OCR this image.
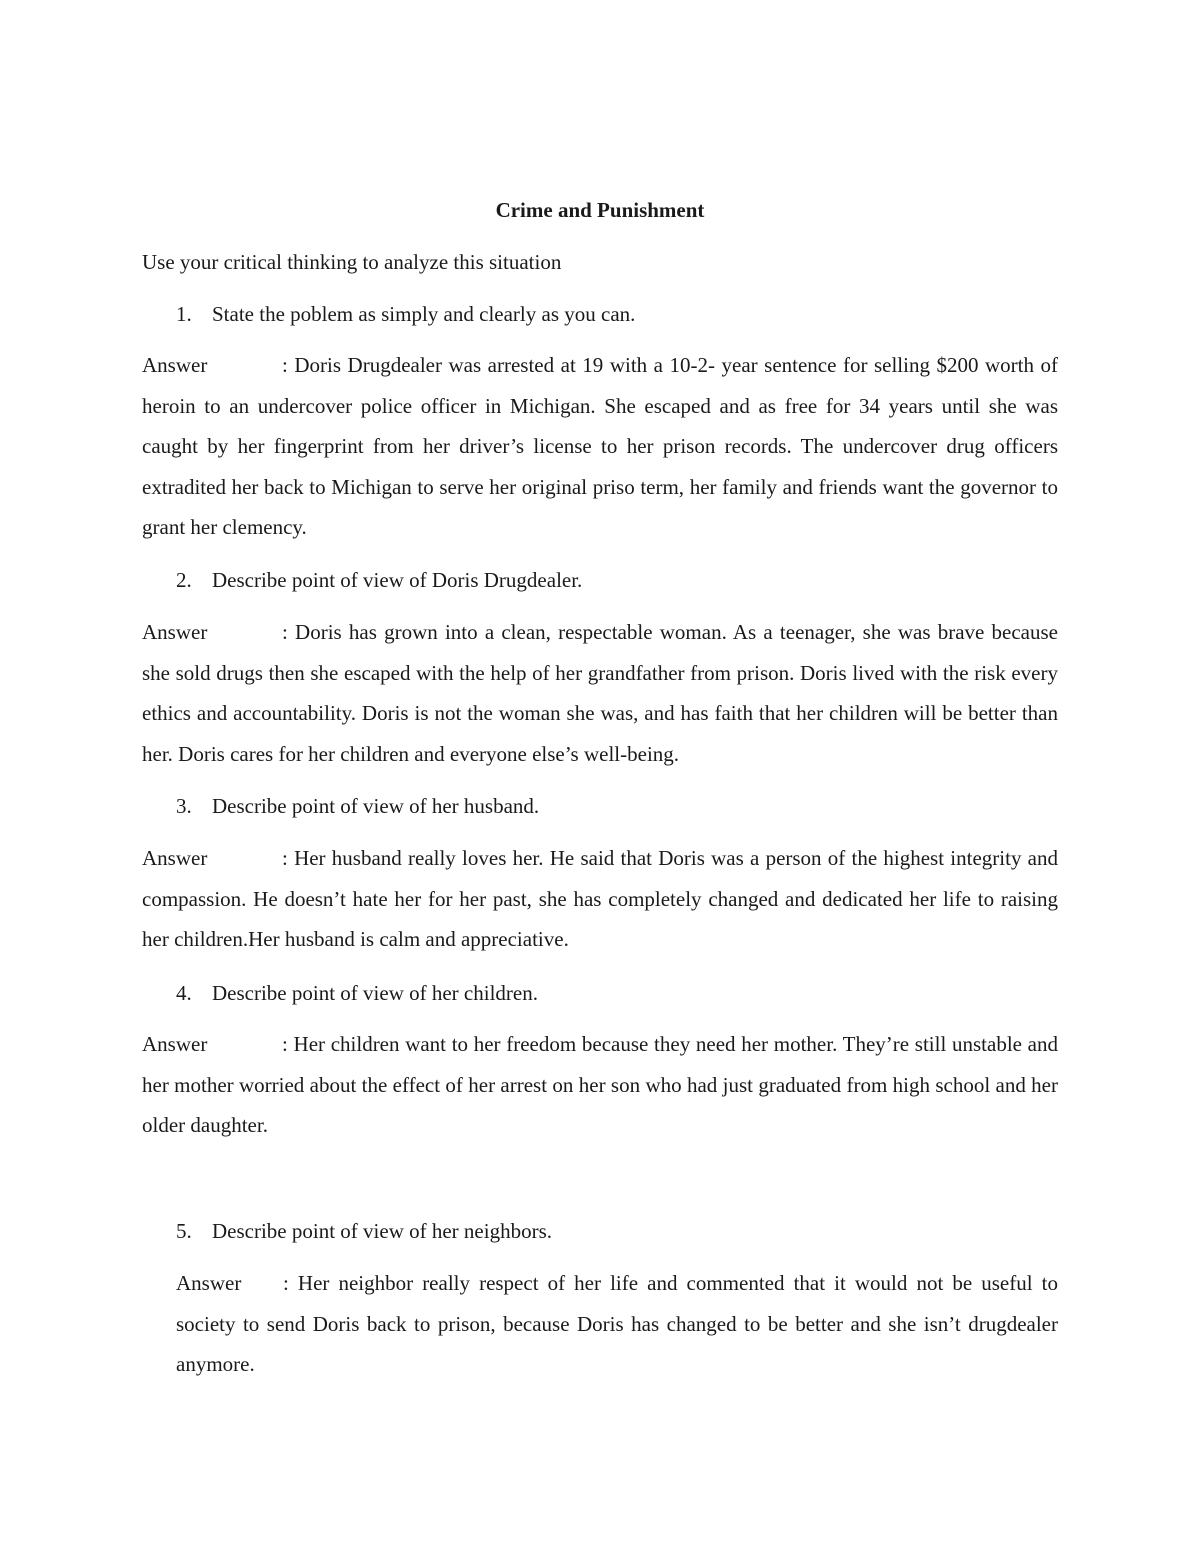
Crime and Punishment
Use your critical thinking to analyze this situation
1. State the poblem as simply and clearly as you can.
Answer	: Doris Drugdealer was arrested at 19 with a 10-2- year sentence for selling $200 worth of heroin to an undercover police officer in Michigan. She escaped and as free for 34 years until she was caught by her fingerprint from her driver’s license to her prison records. The undercover drug officers extradited her back to Michigan to serve her original priso term, her family and friends want the governor to grant her clemency.
2. Describe point of view of Doris Drugdealer.
Answer	: Doris has grown into a clean, respectable woman. As a teenager, she was brave because she sold drugs then she escaped with the help of her grandfather from prison. Doris lived with the risk every ethics and accountability. Doris is not the woman she was, and has faith that her children will be better than her. Doris cares for her children and everyone else’s well-being.
3. Describe point of view of her husband.
Answer	: Her husband really loves her. He said that Doris was a person of the highest integrity and compassion. He doesn’t hate her for her past, she has completely changed and dedicated her life to raising her children.Her husband is calm and appreciative.
4. Describe point of view of her children.
Answer	: Her children want to her freedom because they need her mother. They’re still unstable and her mother worried about the effect of her arrest on her son who had just graduated from high school and her older daughter.
5. Describe point of view of her neighbors.
Answer : Her neighbor really respect of her life and commented that it would not be useful to society to send Doris back to prison, because Doris has changed to be better and she isn’t drugdealer anymore.
